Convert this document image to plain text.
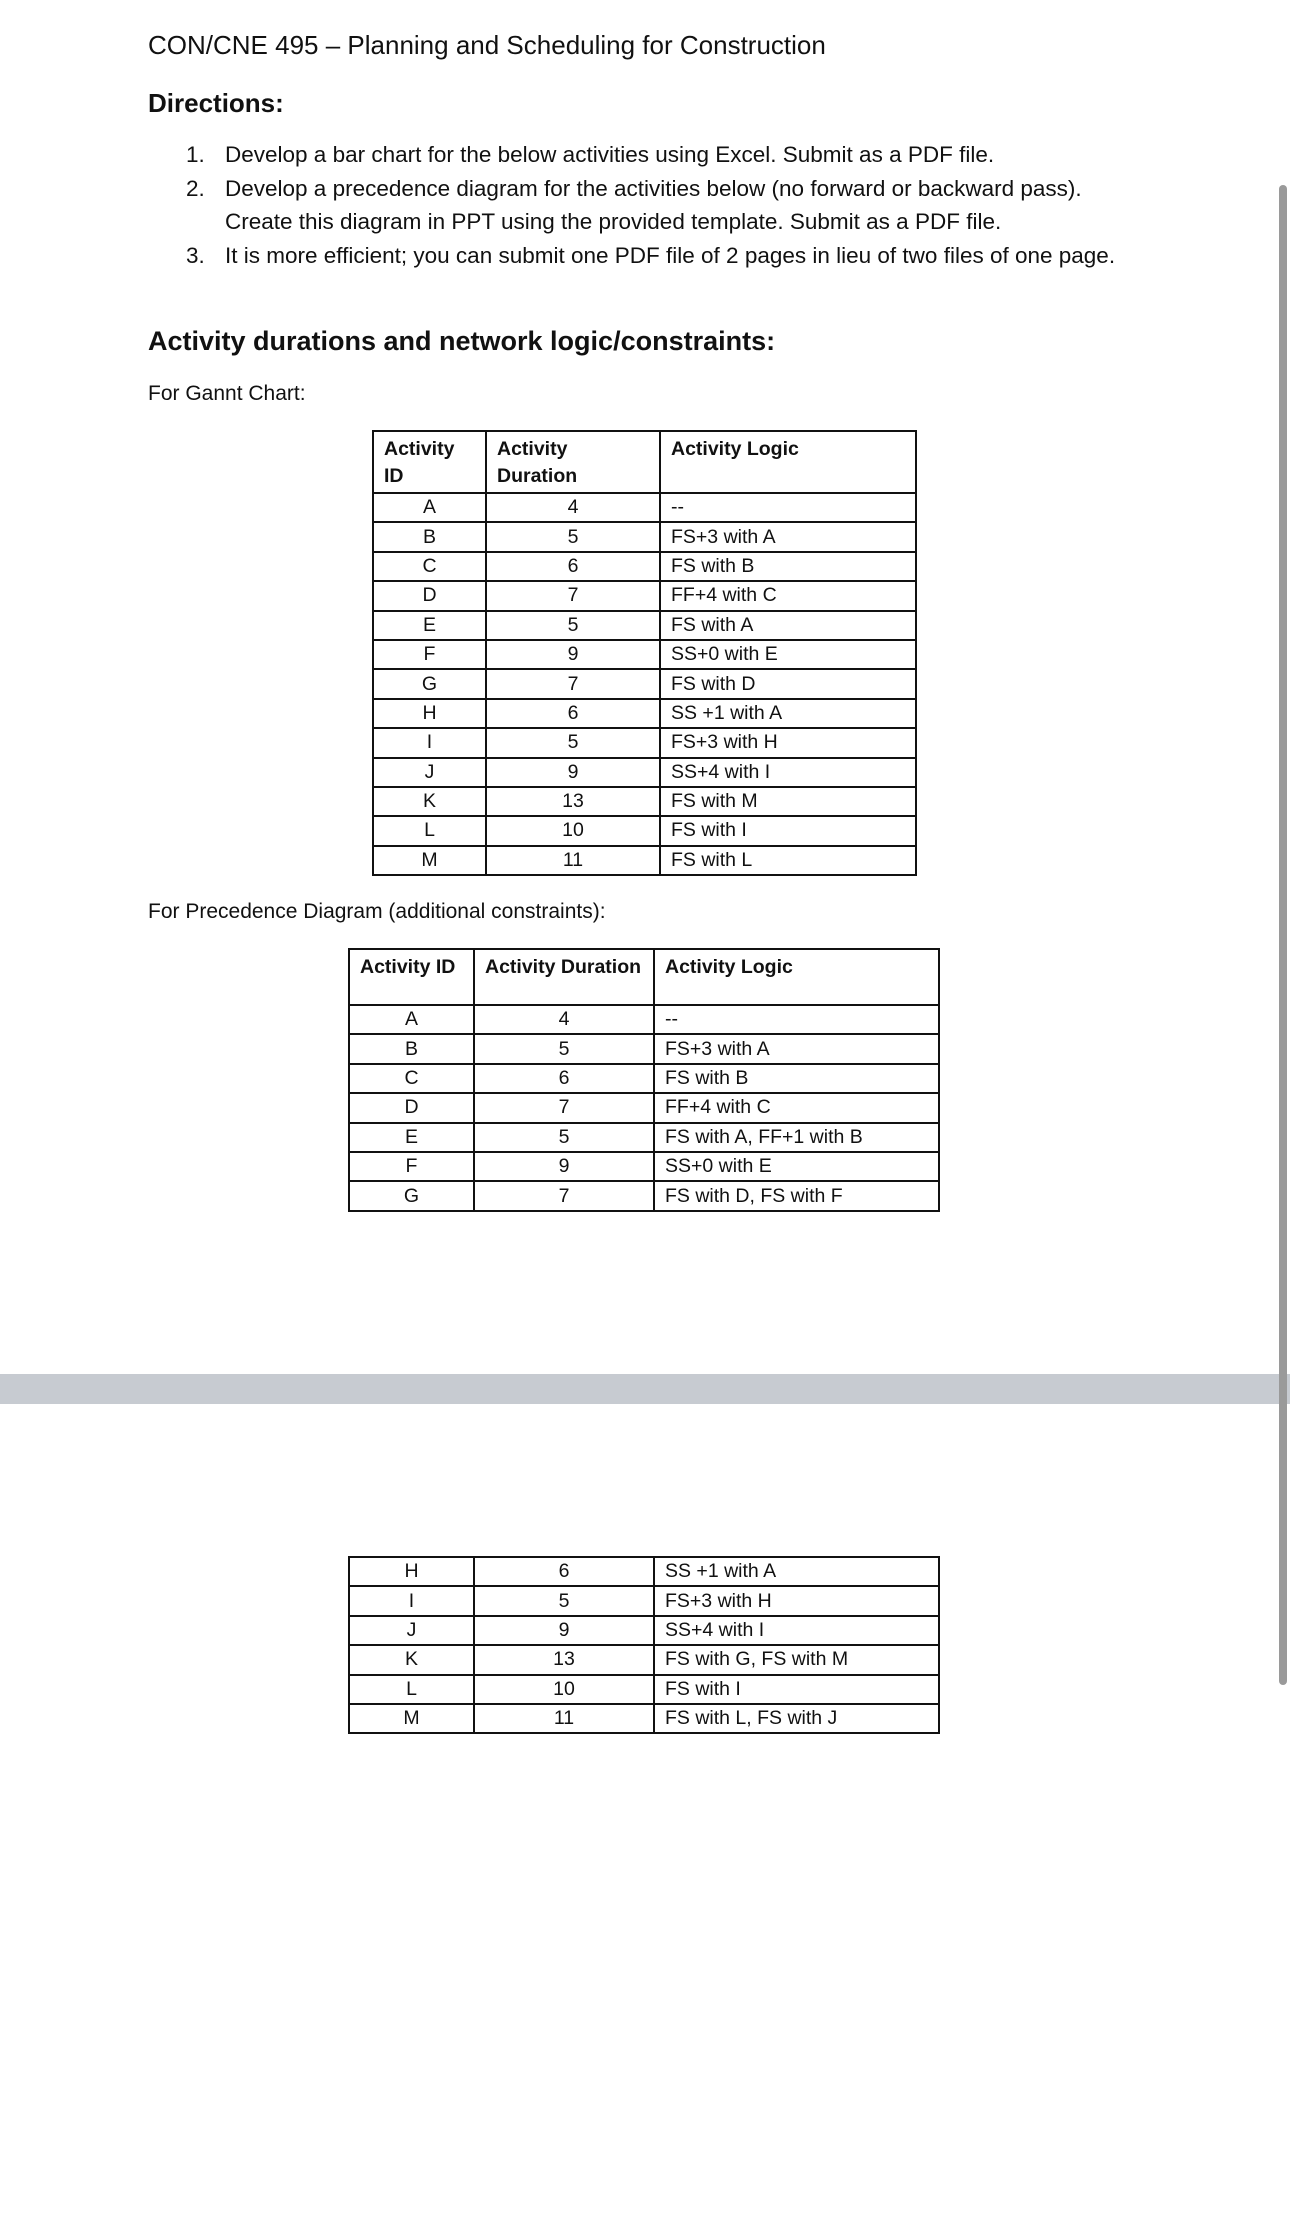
CON/CNE 495 – Planning and Scheduling for Construction
Directions:
1. Develop a bar chart for the below activities using Excel. Submit as a PDF file.
2. Develop a precedence diagram for the activities below (no forward or backward pass). Create this diagram in PPT using the provided template. Submit as a PDF file.
3. It is more efficient; you can submit one PDF file of 2 pages in lieu of two files of one page.
Activity durations and network logic/constraints:
For Gannt Chart:
Activity ID	Activity Duration	Activity Logic
A	4	--
B	5	FS+3 with A
C	6	FS with B
D	7	FF+4 with C
E	5	FS with A
F	9	SS+0 with E
G	7	FS with D
H	6	SS +1 with A
I	5	FS+3 with H
J	9	SS+4 with I
K	13	FS with M
L	10	FS with I
M	11	FS with L
For Precedence Diagram (additional constraints):
Activity ID	Activity Duration	Activity Logic
A	4	--
B	5	FS+3 with A
C	6	FS with B
D	7	FF+4 with C
E	5	FS with A, FF+1 with B
F	9	SS+0 with E
G	7	FS with D, FS with F
H	6	SS +1 with A
I	5	FS+3 with H
J	9	SS+4 with I
K	13	FS with G, FS with M
L	10	FS with I
M	11	FS with L, FS with J
